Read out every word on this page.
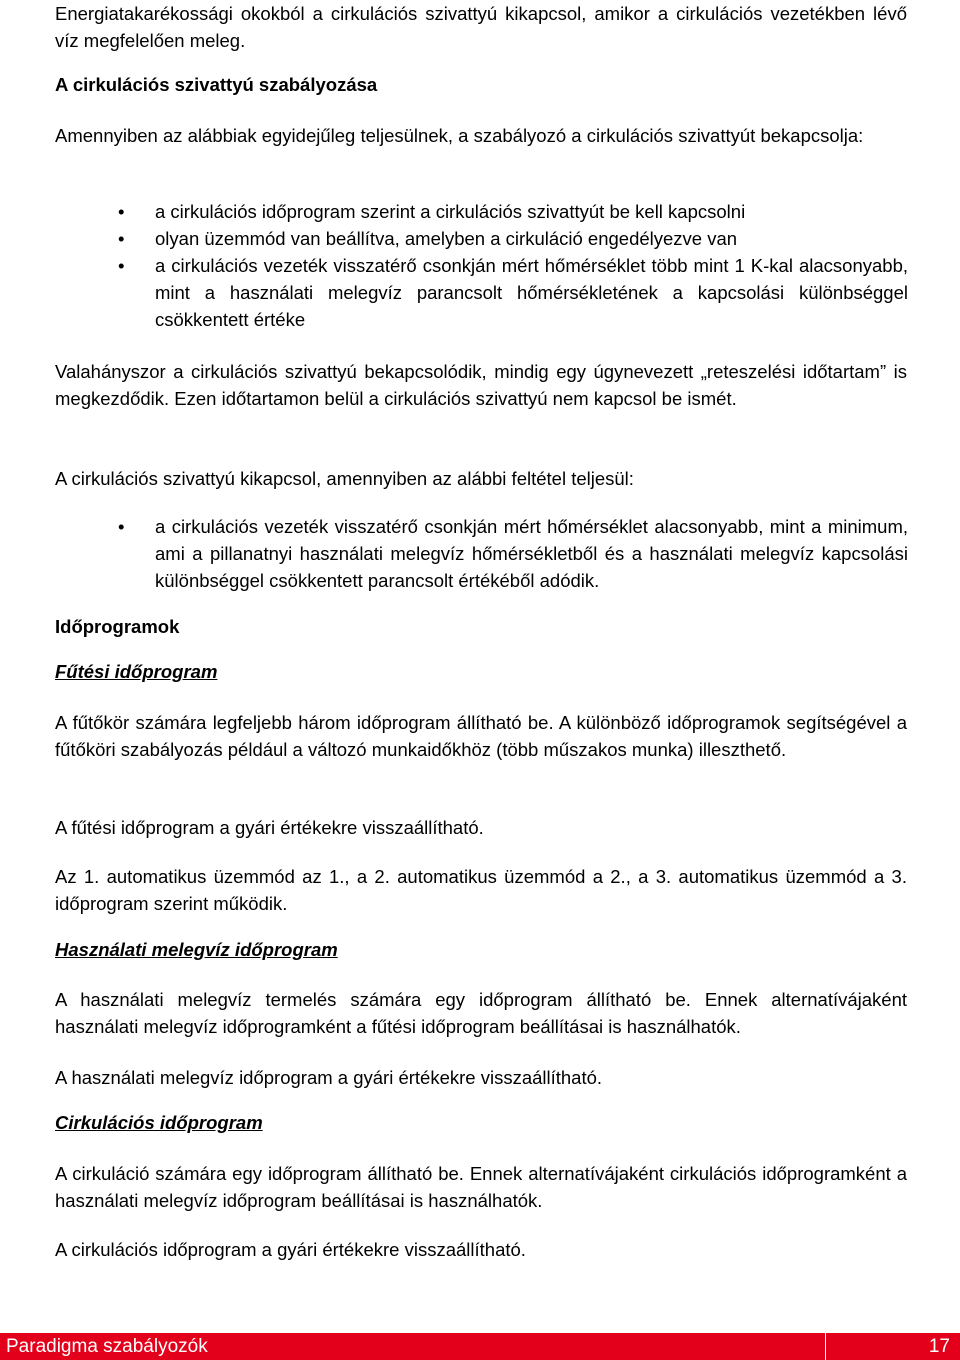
Energiatakarékossági okokból a cirkulációs szivattyú kikapcsol, amikor a cirkulációs vezetékben lévő víz megfelelően meleg.

A cirkulációs szivattyú szabályozása

Amennyiben az alábbiak egyidejűleg teljesülnek, a szabályozó a cirkulációs szivattyút bekapcsolja:

•	a cirkulációs időprogram szerint a cirkulációs szivattyút be kell kapcsolni
•	olyan üzemmód van beállítva, amelyben a cirkuláció engedélyezve van
•	a cirkulációs vezeték visszatérő csonkján mért hőmérséklet több mint 1 K-kal alacsonyabb, mint a használati melegvíz parancsolt hőmérsékletének a kapcsolási különbséggel csökkentett értéke

Valahányszor a cirkulációs szivattyú bekapcsolódik, mindig egy úgynevezett „reteszelési időtartam” is megkezdődik. Ezen időtartamon belül a cirkulációs szivattyú nem kapcsol be ismét.

A cirkulációs szivattyú kikapcsol, amennyiben az alábbi feltétel teljesül:

•	a cirkulációs vezeték visszatérő csonkján mért hőmérséklet alacsonyabb, mint a minimum, ami a pillanatnyi használati melegvíz hőmérsékletből és a használati melegvíz kapcsolási különbséggel csökkentett parancsolt értékéből adódik.

Időprogramok

Fűtési időprogram

A fűtőkör számára legfeljebb három időprogram állítható be. A különböző időprogramok segítségével a fűtőköri szabályozás például a változó munkaidőkhöz (több műszakos munka) illeszthető.

A fűtési időprogram a gyári értékekre visszaállítható.

Az 1. automatikus üzemmód az 1., a 2. automatikus üzemmód a 2., a 3. automatikus üzemmód a 3. időprogram szerint működik.

Használati melegvíz időprogram

A használati melegvíz termelés számára egy időprogram állítható be. Ennek alternatívájaként használati melegvíz időprogramként a fűtési időprogram beállításai is használhatók.

A használati melegvíz időprogram a gyári értékekre visszaállítható.

Cirkulációs időprogram

A cirkuláció számára egy időprogram állítható be. Ennek alternatívájaként cirkulációs időprogramként a használati melegvíz időprogram beállításai is használhatók.

A cirkulációs időprogram a gyári értékekre visszaállítható.

Paradigma szabályozók	17
